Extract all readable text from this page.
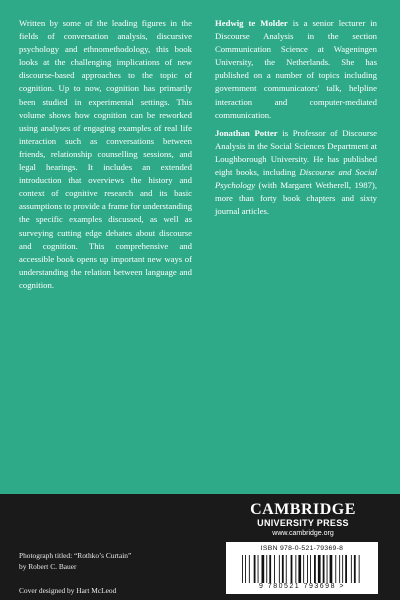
Written by some of the leading figures in the fields of conversation analysis, discursive psychology and ethnomethodology, this book looks at the challenging implications of new discourse-based approaches to the topic of cognition. Up to now, cognition has primarily been studied in experimental settings. This volume shows how cognition can be reworked using analyses of engaging examples of real life interaction such as conversations between friends, relationship counselling sessions, and legal hearings. It includes an extended introduction that overviews the history and context of cognitive research and its basic assumptions to provide a frame for understanding the specific examples discussed, as well as surveying cutting edge debates about discourse and cognition. This comprehensive and accessible book opens up important new ways of understanding the relation between language and cognition.

Hedwig te Molder is a senior lecturer in Discourse Analysis in the section Communication Science at Wageningen University, the Netherlands. She has published on a number of topics including government communicators' talk, helpline interaction and computer-mediated communication.

Jonathan Potter is Professor of Discourse Analysis in the Social Sciences Department at Loughborough University. He has published eight books, including Discourse and Social Psychology (with Margaret Wetherell, 1987), more than forty book chapters and sixty journal articles.

Photograph titled: “Rothko’s Curtain”
by Robert C. Bauer
Cover designed by Hart McLeod
CAMBRIDGE
UNIVERSITY PRESS
www.cambridge.org
ISBN 978-0-521-79369-8
9 780521 793698 >
